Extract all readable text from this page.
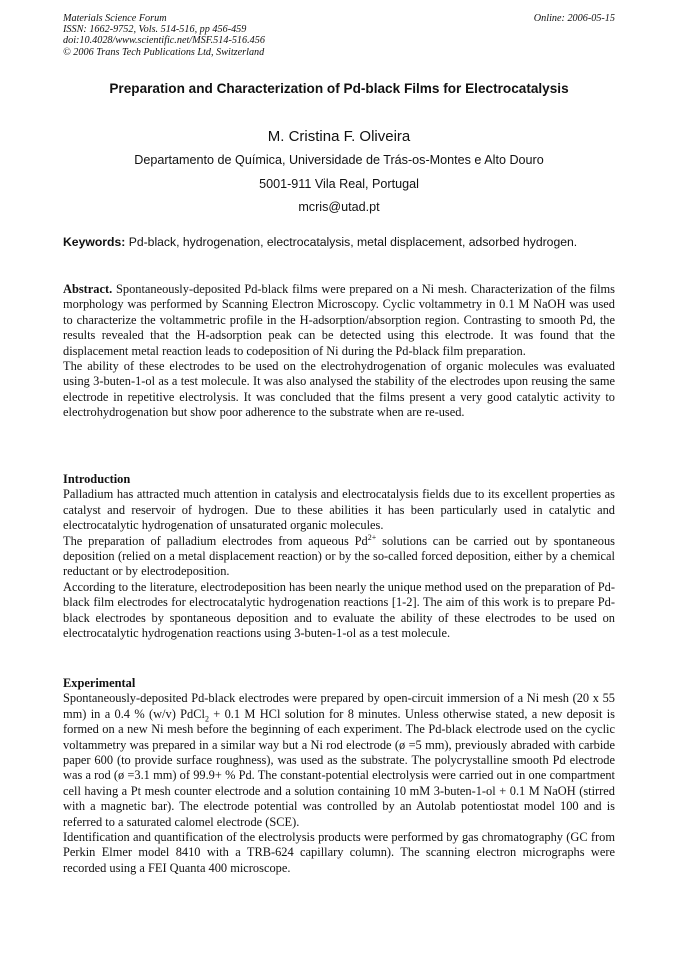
Materials Science Forum
ISSN: 1662-9752, Vols. 514-516, pp 456-459
doi:10.4028/www.scientific.net/MSF.514-516.456
© 2006 Trans Tech Publications Ltd, Switzerland
Online: 2006-05-15
Preparation and Characterization of Pd-black Films for Electrocatalysis
M. Cristina F. Oliveira
Departamento de Química, Universidade de Trás-os-Montes e Alto Douro
5001-911 Vila Real, Portugal
mcris@utad.pt
Keywords: Pd-black, hydrogenation, electrocatalysis, metal displacement, adsorbed hydrogen.

Abstract. Spontaneously-deposited Pd-black films were prepared on a Ni mesh. Characterization of the films morphology was performed by Scanning Electron Microscopy. Cyclic voltammetry in 0.1 M NaOH was used to characterize the voltammetric profile in the H-adsorption/absorption region. Contrasting to smooth Pd, the results revealed that the H-adsorption peak can be detected using this electrode. It was found that the displacement metal reaction leads to codeposition of Ni during the Pd-black film preparation.

The ability of these electrodes to be used on the electrohydrogenation of organic molecules was evaluated using 3-buten-1-ol as a test molecule. It was also analysed the stability of the electrodes upon reusing the same electrode in repetitive electrolysis. It was concluded that the films present a very good catalytic activity to electrohydrogenation but show poor adherence to the substrate when are re-used.

Introduction

Palladium has attracted much attention in catalysis and electrocatalysis fields due to its excellent properties as catalyst and reservoir of hydrogen. Due to these abilities it has been particularly used in catalytic and electrocatalytic hydrogenation of unsaturated organic molecules.

The preparation of palladium electrodes from aqueous $Pd^{2+}$ solutions can be carried out by spontaneous deposition (relied on a metal displacement reaction) or by the so-called forced deposition, either by a chemical reductant or by electrodeposition.

According to the literature, electrodeposition has been nearly the unique method used on the preparation of Pd-black film electrodes for electrocatalytic hydrogenation reactions [1-2]. The aim of this work is to prepare Pd-black electrodes by spontaneous deposition and to evaluate the ability of these electrodes to be used on electrocatalytic hydrogenation reactions using 3-buten-1-ol as a test molecule.

Experimental

Spontaneously-deposited Pd-black electrodes were prepared by open-circuit immersion of a Ni mesh (20 x 55 mm) in a 0.4 % (w/v) PdCl$_2$ + 0.1 M HCl solution for 8 minutes. Unless otherwise stated, a new deposit is formed on a new Ni mesh before the beginning of each experiment. The Pd-black electrode used on the cyclic voltammetry was prepared in a similar way but a Ni rod electrode (ø =5 mm), previously abraded with carbide paper 600 (to provide surface roughness), was used as the substrate. The polycrystalline smooth Pd electrode was a rod (ø =3.1 mm) of 99.9+ % Pd. The constant-potential electrolysis were carried out in one compartment cell having a Pt mesh counter electrode and a solution containing 10 mM 3-buten-1-ol + 0.1 M NaOH (stirred with a magnetic bar). The electrode potential was controlled by an Autolab potentiostat model 100 and is referred to a saturated calomel electrode (SCE).

Identification and quantification of the electrolysis products were performed by gas chromatography (GC from Perkin Elmer model 8410 with a TRB-624 capillary column). The scanning electron micrographs were recorded using a FEI Quanta 400 microscope.
